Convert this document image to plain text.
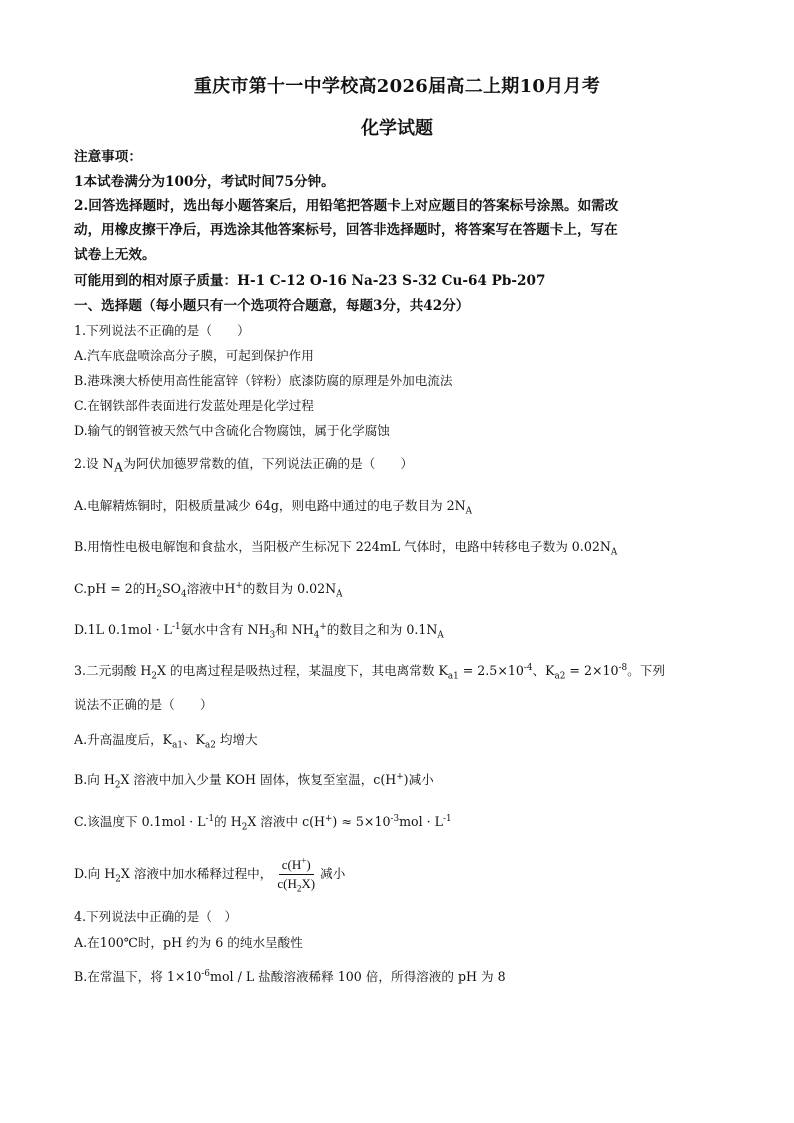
重庆市第十一中学校高2026届高二上期10月月考
化学试题
注意事项：
1本试卷满分为100分，考试时间75分钟。
2.回答选择题时，选出每小题答案后，用铅笔把答题卡上对应题目的答案标号涂黑。如需改
动，用橡皮擦干净后，再选涂其他答案标号，回答非选择题时，将答案写在答题卡上，写在
试卷上无效。
可能用到的相对原子质量：H-1 C-12 O-16 Na-23 S-32 Cu-64 Pb-207
一、选择题（每小题只有一个选项符合题意，每题3分，共42分）
1.下列说法不正确的是（　　）
A.汽车底盘喷涂高分子膜，可起到保护作用
B.港珠澳大桥使用高性能富锌（锌粉）底漆防腐的原理是外加电流法
C.在钢铁部件表面进行发蓝处理是化学过程
D.输气的钢管被天然气中含硫化合物腐蚀，属于化学腐蚀
2.设 $N_A$为阿伏加德罗常数的值，下列说法正确的是（　　）
A.电解精炼铜时，阳极质量减少 64g，则电路中通过的电子数目为 $2N_A$
B.用惰性电极电解饱和食盐水，当阳极产生标况下 224mL 气体时，电路中转移电子数为 $0.02N_A$
C.pH = 2的$H_2SO_4$溶液中H+的数目为 $0.02N_A$
D.1L $0.1mol \cdot L^{-1}$氨水中含有 $NH_3$和 $NH_4^+$的数目之和为 $0.1N_A$
3.二元弱酸 $H_2X$ 的电离过程是吸热过程，某温度下，其电离常数 $K_{a1} = 2.5\times 10^{-4}$、$K_{a2} = 2\times 10^{-8}$。下列
说法不正确的是（　　）
A.升高温度后，$K_{a1}$、$K_{a2}$ 均增大
B.向 $H_2X$ 溶液中加入少量 KOH 固体，恢复至室温，c(H+)减小
C.该温度下 $0.1mol \cdot L^{-1}$的 $H_2X$ 溶液中 $c(H^+) \approx 5\times 10^{-3}mol \cdot L^{-1}$
D.向 $H_2X$ 溶液中加水稀释过程中， $\frac{c(H^+)}{c(H_2X)}$ 减小
4.下列说法中正确的是（　）
A.在100℃时，pH 约为 6 的纯水呈酸性
B.在常温下，将 $1\times 10^{-6}mol / L$ 盐酸溶液稀释 100 倍，所得溶液的 pH 为 8
